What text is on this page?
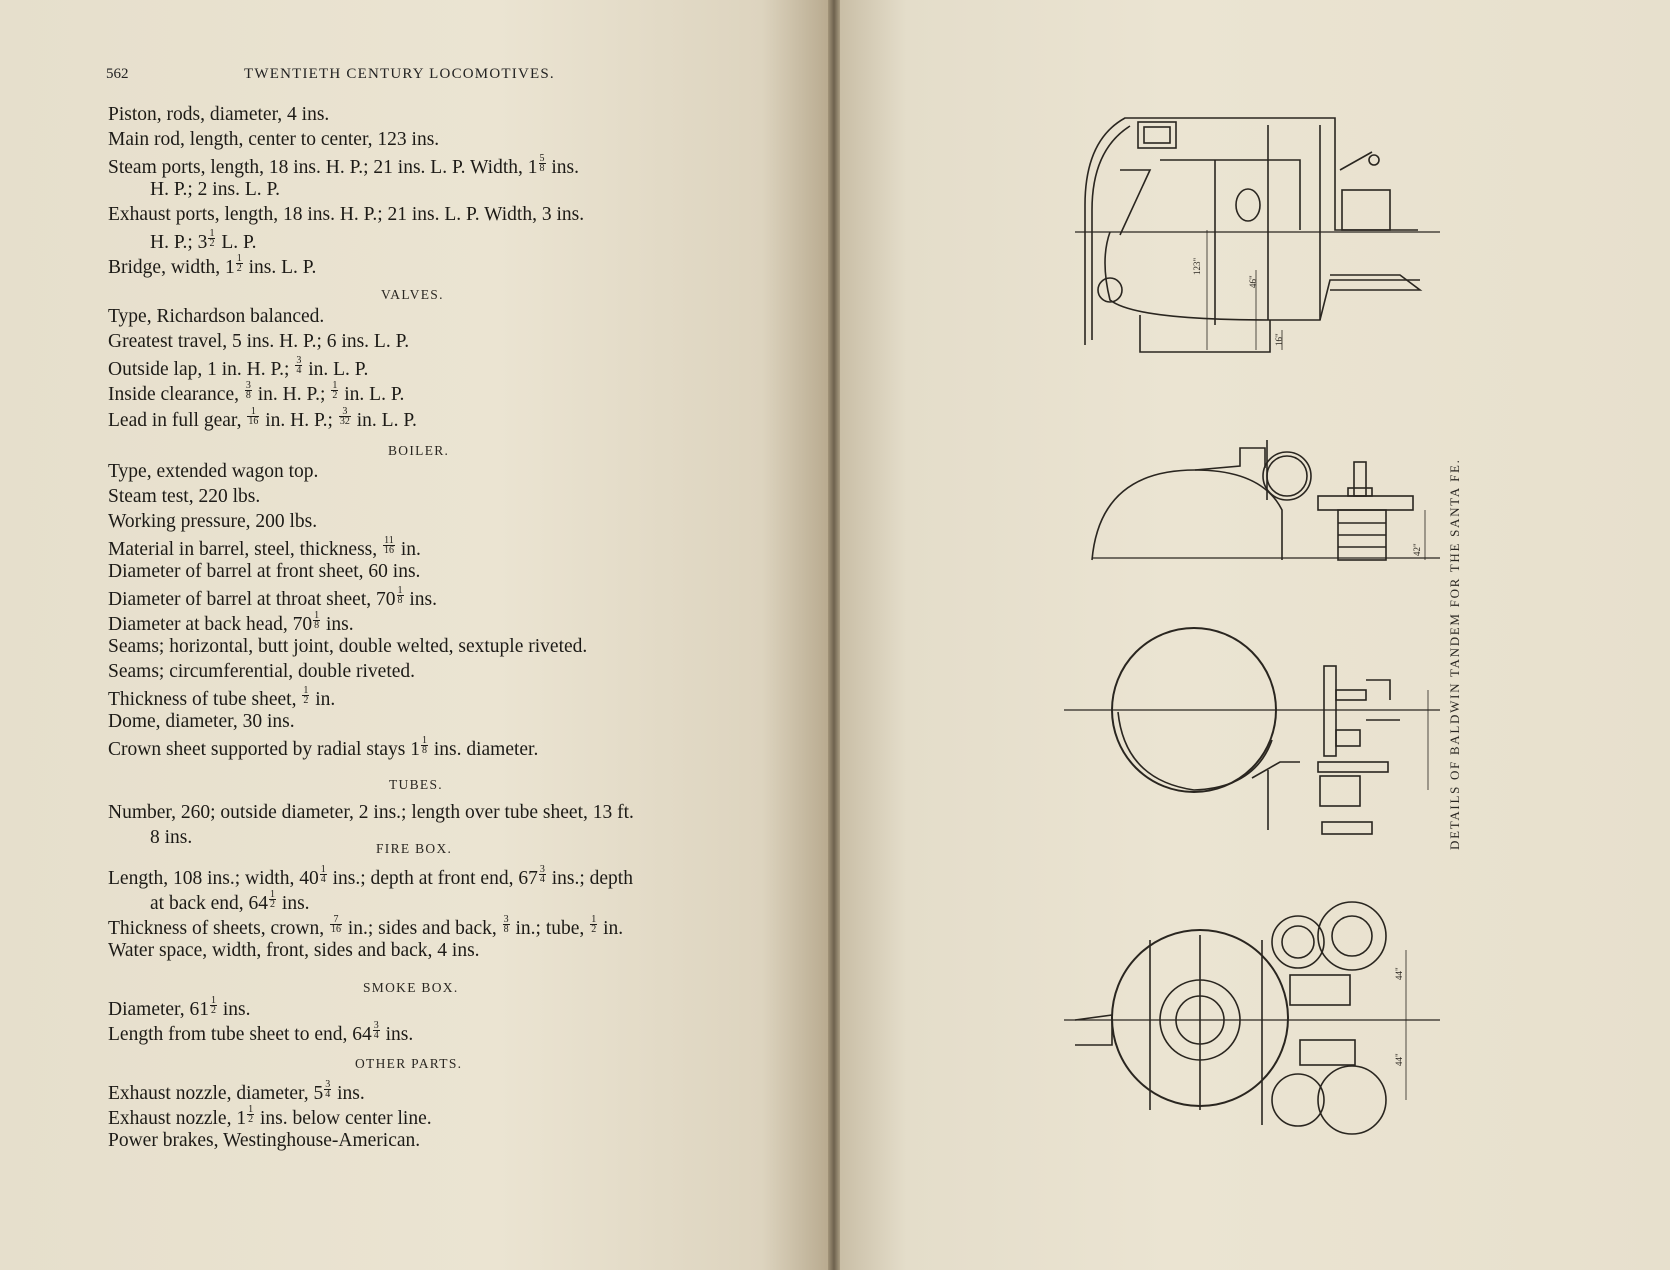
562	TWENTIETH CENTURY LOCOMOTIVES.
Piston, rods, diameter, 4 ins.
Main rod, length, center to center, 123 ins.
Steam ports, length, 18 ins. H. P.; 21 ins. L. P. Width, $1 \frac{5}{8}$ ins.
H. P.; 2 ins. L. P.
Exhaust ports, length, 18 ins. H. P.; 21 ins. L. P. Width, 3 ins.
H. P.; $3 \frac{1}{2} L$. P.
Bridge, width, $1 \frac{1}{2}$ ins. L. P.
VALVES.
Type, Richardson balanced.
Greatest travel, 5 ins. H. P.; 6 ins. L. P.
Outside lap, 1 in. H. P.; $\frac{3}{4}$ in. L. P.
Inside clearance, $\frac{3}{8}$ in. H. P.; $\frac{1}{2}$ in. L. P.
Lead in full gear, $\frac{1}{16}$ in. H. P.; $\frac{3}{32}$ in. L. P.
BOILER.
Type, extended wagon top.
Steam test, 220 lbs.
Working pressure, 200 lbs.
Material in barrel, steel, thickness, $\frac{11}{16}$ in.
Diameter of barrel at front sheet, 60 ins.
Diameter of barrel at throat sheet, $70 \frac{1}{8}$ ins.
Diameter at back head, $70 \frac{1}{8}$ ins.
Seams; horizontal, butt joint, double welted, sextuple riveted.
Seams; circumferential, double riveted.
Thickness of tube sheet, $\frac{1}{2}$ in.
Dome, diameter, 30 ins.
Crown sheet supported by radial stays $1 \frac{1}{8}$ ins. diameter.
TUBES.
Number, 260; outside diameter, 2 ins.; length over tube sheet, 13 ft.
8 ins.
FIRE BOX.
Length, 108 ins.; width, $40 \frac{1}{4}$ ins.; depth at front end, $67 \frac{3}{4}$ ins.; depth
at back end, $64 \frac{1}{2}$ ins.
Thickness of sheets, crown, $\frac{7}{16}$ in.; sides and back, $\frac{3}{8}$ in.; tube, $\frac{1}{2}$ in.
Water space, width, front, sides and back, 4 ins.
SMOKE BOX.
Diameter, $61 \frac{1}{2}$ ins.
Length from tube sheet to end, $64 \frac{3}{4}$ ins.
OTHER PARTS.
Exhaust nozzle, diameter, $5 \frac{3}{4}$ ins.
Exhaust nozzle, $1 \frac{1}{2}$ ins. below center line.
Power brakes, Westinghouse-American.
123"
46"
16"
42"
44"
44"
DETAILS OF BALDWIN TANDEM FOR THE SANTA FE.
